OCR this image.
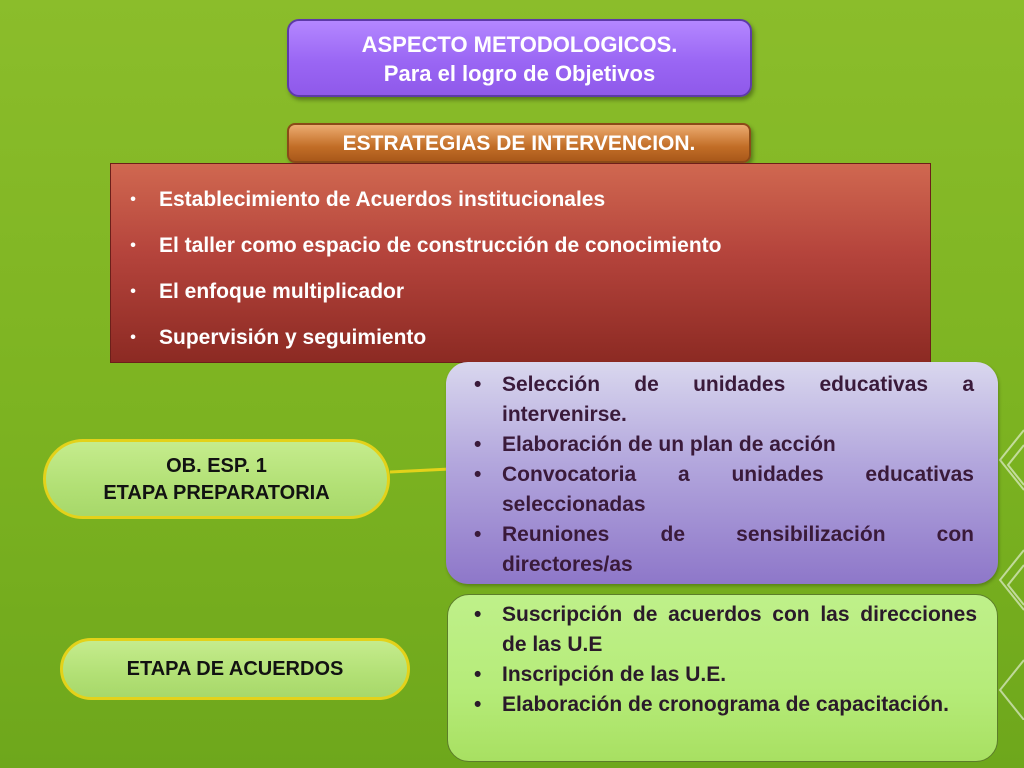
ASPECTO METODOLOGICOS.
Para el logro de Objetivos
ESTRATEGIAS DE INTERVENCION.
•	Establecimiento de Acuerdos institucionales
•	El taller como espacio de construcción de conocimiento
•	El enfoque multiplicador
•	Supervisión y seguimiento
• Selección de unidades educativas a intervenirse.
• Elaboración de un plan de acción
• Convocatoria a unidades educativas seleccionadas
• Reuniones de sensibilización con directores/as
OB. ESP. 1
ETAPA PREPARATORIA
• Suscripción de acuerdos con las direcciones de las U.E
• Inscripción de las U.E.
• Elaboración de cronograma de capacitación.
ETAPA DE ACUERDOS
